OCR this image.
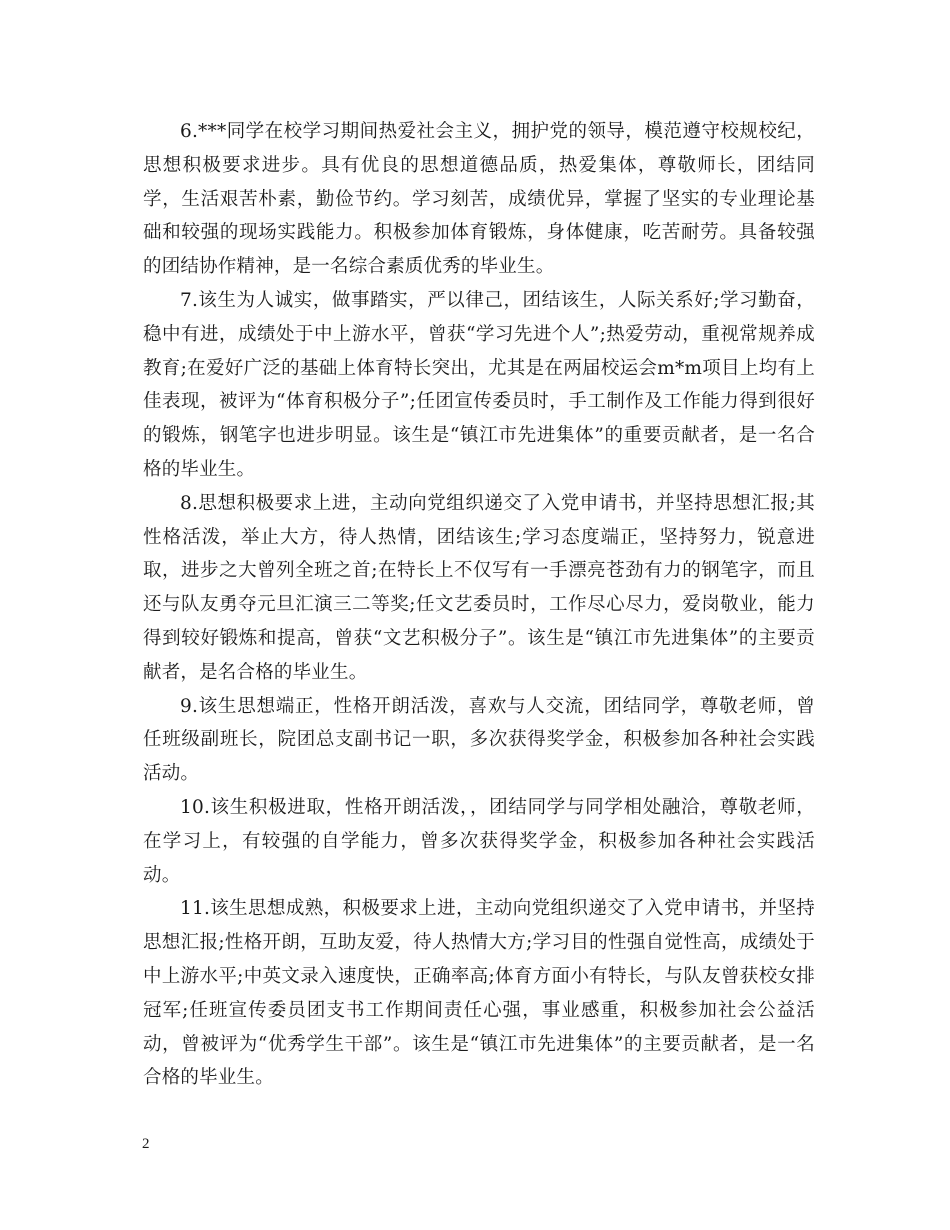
6.***同学在校学习期间热爱社会主义，拥护党的领导，模范遵守校规校纪，思想积极要求进步。具有优良的思想道德品质，热爱集体，尊敬师长，团结同学，生活艰苦朴素，勤俭节约。学习刻苦，成绩优异，掌握了坚实的专业理论基础和较强的现场实践能力。积极参加体育锻炼，身体健康，吃苦耐劳。具备较强的团结协作精神，是一名综合素质优秀的毕业生。

7.该生为人诚实，做事踏实，严以律己，团结该生，人际关系好;学习勤奋，稳中有进，成绩处于中上游水平，曾获“学习先进个人”;热爱劳动，重视常规养成教育;在爱好广泛的基础上体育特长突出，尤其是在两届校运会m*m项目上均有上佳表现，被评为“体育积极分子”;任团宣传委员时，手工制作及工作能力得到很好的锻炼，钢笔字也进步明显。该生是“镇江市先进集体”的重要贡献者，是一名合格的毕业生。

8.思想积极要求上进，主动向党组织递交了入党申请书，并坚持思想汇报;其性格活泼，举止大方，待人热情，团结该生;学习态度端正，坚持努力，锐意进取，进步之大曾列全班之首;在特长上不仅写有一手漂亮苍劲有力的钢笔字，而且还与队友勇夺元旦汇演三二等奖;任文艺委员时，工作尽心尽力，爱岗敬业，能力得到较好锻炼和提高，曾获“文艺积极分子”。该生是“镇江市先进集体”的主要贡献者，是名合格的毕业生。

9.该生思想端正，性格开朗活泼，喜欢与人交流，团结同学，尊敬老师，曾任班级副班长，院团总支副书记一职，多次获得奖学金，积极参加各种社会实践活动。

10.该生积极进取，性格开朗活泼，，团结同学与同学相处融洽，尊敬老师，在学习上，有较强的自学能力，曾多次获得奖学金，积极参加各种社会实践活动。

11.该生思想成熟，积极要求上进，主动向党组织递交了入党申请书，并坚持思想汇报;性格开朗，互助友爱，待人热情大方;学习目的性强自觉性高，成绩处于中上游水平;中英文录入速度快，正确率高;体育方面小有特长，与队友曾获校女排冠军;任班宣传委员团支书工作期间责任心强，事业感重，积极参加社会公益活动，曾被评为“优秀学生干部”。该生是“镇江市先进集体”的主要贡献者，是一名合格的毕业生。

2
